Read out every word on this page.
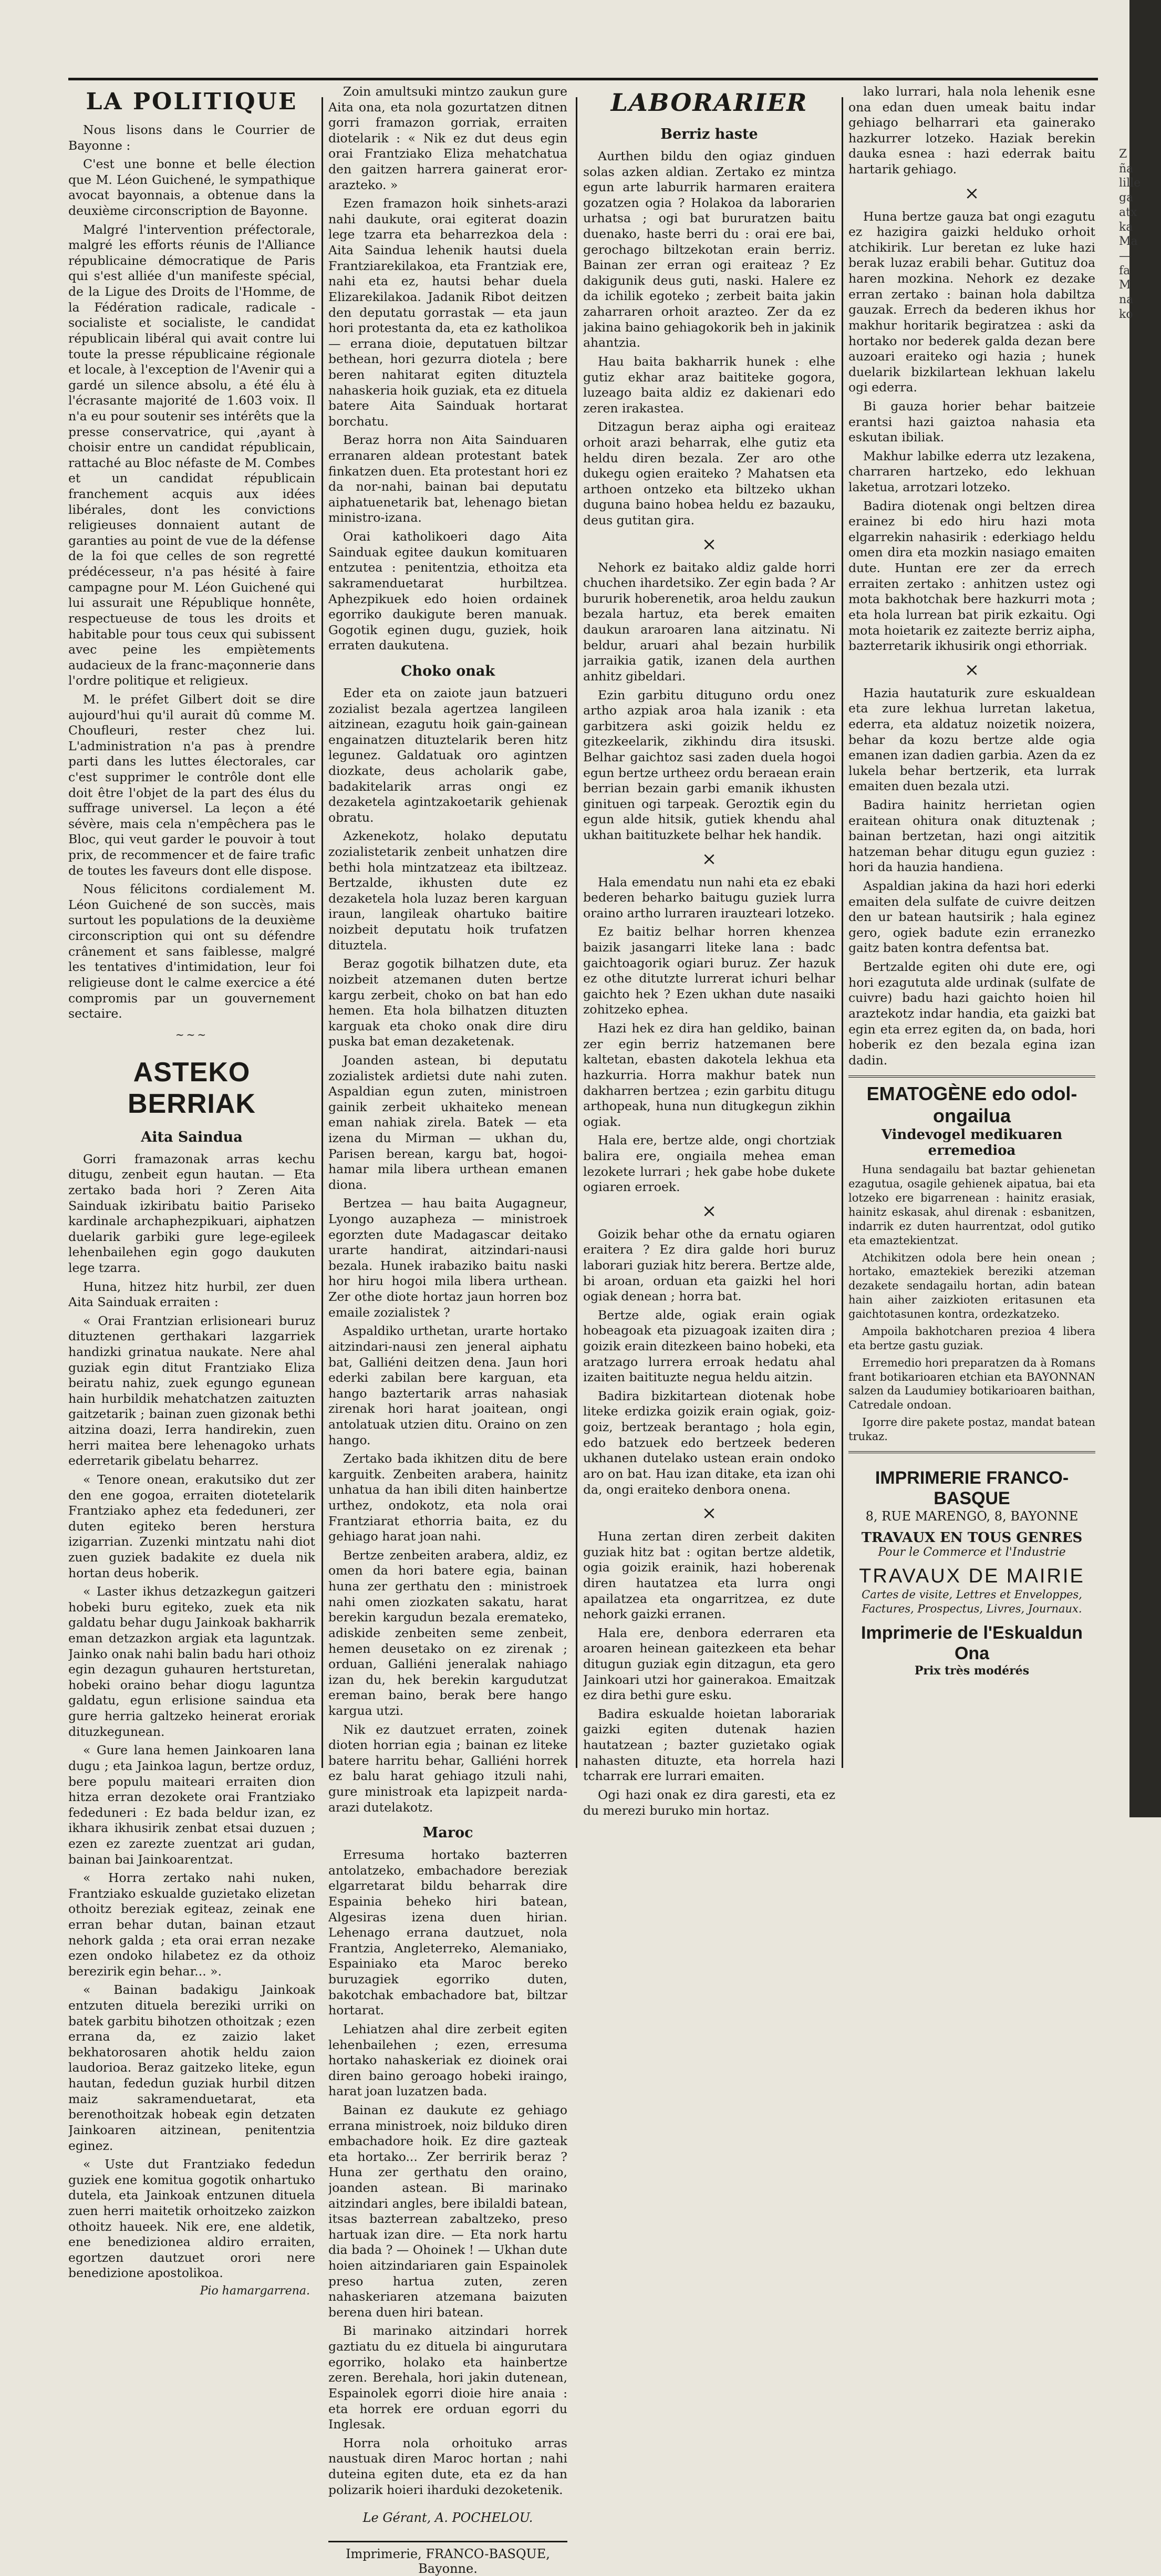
Z ña lille ga atx ka Ma — fa M na ko
LA POLITIQUE

Nous lisons dans le Courrier de Bayonne :

C'est une bonne et belle élection que M. Léon Guichené, le sympathique avocat bayonnais, a obtenue dans la deuxième circonscription de Bayonne.

Malgré l'intervention préfectorale, malgré les efforts réunis de l'Alliance républicaine démocratique de Paris qui s'est alliée d'un manifeste spécial, de la Ligue des Droits de l'Homme, de la Fédération radicale, radicale - socialiste et socialiste, le candidat républicain libéral qui avait contre lui toute la presse républicaine régionale et locale, à l'exception de l'Avenir qui a gardé un silence absolu, a été élu à l'écrasante majorité de 1.603 voix. Il n'a eu pour soutenir ses intérêts que la presse conservatrice, qui ,ayant à choisir entre un candidat républicain, rattaché au Bloc néfaste de M. Combes et un candidat républicain franchement acquis aux idées libérales, dont les convictions religieuses donnaient autant de garanties au point de vue de la défense de la foi que celles de son regretté prédécesseur, n'a pas hésité à faire campagne pour M. Léon Guichené qui lui assurait une République honnête, respectueuse de tous les droits et habitable pour tous ceux qui subissent avec peine les empiètements audacieux de la franc-maçonnerie dans l'ordre politique et religieux.

M. le préfet Gilbert doit se dire aujourd'hui qu'il aurait dû comme M. Choufleuri, rester chez lui. L'administration n'a pas à prendre parti dans les luttes électorales, car c'est supprimer le contrôle dont elle doit être l'objet de la part des élus du suffrage universel. La leçon a été sévère, mais cela n'empêchera pas le Bloc, qui veut garder le pouvoir à tout prix, de recommencer et de faire trafic de toutes les faveurs dont elle dispose.

Nous félicitons cordialement M. Léon Guichené de son succès, mais surtout les populations de la deuxième circonscription qui ont su défendre crânement et sans faiblesse, malgré les tentatives d'intimidation, leur foi religieuse dont le calme exercice a été compromis par un gouvernement sectaire.

~~~
ASTEKO BERRIAK
Aita Saindua

Gorri framazonak arras kechu ditugu, zenbeit egun hautan. — Eta zertako bada hori ? Zeren Aita Sainduak izkiribatu baitio Pariseko kardinale archaphezpikuari, aiphatzen duelarik garbiki gure lege-egileek lehenbailehen egin gogo daukuten lege tzarra.

Huna, hitzez hitz hurbil, zer duen Aita Sainduak erraiten :

« Orai Frantzian erlisioneari buruz dituztenen gerthakari lazgarriek handizki grinatua naukate. Nere ahal guziak egin ditut Frantziako Eliza beiratu nahiz, zuek egungo egunean hain hurbildik mehatchatzen zaituzten gaitzetarik ; bainan zuen gizonak bethi aitzina doazi, Ierra handirekin, zuen herri maitea bere lehenagoko urhats ederretarik gibelatu beharrez.

« Tenore onean, erakutsiko dut zer den ene gogoa, erraiten diotetelarik Frantziako aphez eta fededuneri, zer duten egiteko beren herstura izigarrian. Zuzenki mintzatu nahi diot zuen guziek badakite ez duela nik hortan deus hoberik.

« Laster ikhus detzazkegun gaitzeri hobeki buru egiteko, zuek eta nik galdatu behar dugu Jainkoak bakharrik eman detzazkon argiak eta laguntzak. Jainko onak nahi balin badu hari othoiz egin dezagun guhauren hertsturetan, hobeki oraino behar diogu laguntza galdatu, egun erlisione saindua eta gure herria galtzeko heinerat eroriak dituzkegunean.

« Gure lana hemen Jainkoaren lana dugu ; eta Jainkoa lagun, bertze orduz, bere populu maiteari erraiten dion hitza erran dezokete orai Frantziako fededuneri : Ez bada beldur izan, ez ikhara ikhusirik zenbat etsai duzuen ; ezen ez zarezte zuentzat ari gudan, bainan bai Jainkoarentzat.

« Horra zertako nahi nuken, Frantziako eskualde guzietako elizetan othoitz bereziak egiteaz, zeinak ene erran behar dutan, bainan etzaut nehork galda ; eta orai erran nezake ezen ondoko hilabetez ez da othoiz berezirik egin behar... ».

« Bainan badakigu Jainkoak entzuten dituela bereziki urriki on batek garbitu bihotzen othoitzak ; ezen errana da, ez zaizio laket bekhatorosaren ahotik heldu zaion laudorioa. Beraz gaitzeko liteke, egun hautan, fededun guziak hurbil ditzen maiz sakramenduetarat, eta berenothoitzak hobeak egin detzaten Jainkoaren aitzinean, penitentzia eginez.

« Uste dut Frantziako fededun guziek ene komitua gogotik onhartuko dutela, eta Jainkoak entzunen dituela zuen herri maitetik orhoitzeko zaizkon othoitz haueek. Nik ere, ene aldetik, ene benedizionea aldiro erraiten, egortzen dautzuet orori nere benedizione apostolikoa.

Pio hamargarrena.

Zoin amultsuki mintzo zaukun gure Aita ona, eta nola gozurtatzen ditnen gorri framazon gorriak, erraiten diotelarik : « Nik ez dut deus egin orai Frantziako Eliza mehatchatua den gaitzen harrera gainerat eror-arazteko. »

Ezen framazon hoik sinhets-arazi nahi daukute, orai egiterat doazin lege tzarra eta beharrezkoa dela : Aita Saindua lehenik hautsi duela Frantziarekilakoa, eta Frantziak ere, nahi eta ez, hautsi behar duela Elizarekilakoa. Jadanik Ribot deitzen den deputatu gorrastak — eta jaun hori protestanta da, eta ez katholikoa — errana dioie, deputatuen biltzar bethean, hori gezurra diotela ; bere beren nahitarat egiten dituztela nahaskeria hoik guziak, eta ez dituela batere Aita Sainduak hortarat borchatu.

Beraz horra non Aita Sainduaren erranaren aldean protestant batek finkatzen duen. Eta protestant hori ez da nor-nahi, bainan bai deputatu aiphatuenetarik bat, lehenago bietan ministro-izana.

Orai katholikoeri dago Aita Sainduak egitee daukun komituaren entzutea : penitentzia, ethoitza eta sakramenduetarat hurbiltzea. Aphezpikuek edo hoien ordainek egorriko daukigute beren manuak. Gogotik eginen dugu, guziek, hoik erraten daukutena.

Choko onak

Eder eta on zaiote jaun batzueri zozialist bezala agertzea langileen aitzinean, ezagutu hoik gain-gainean engainatzen dituztelarik beren hitz legunez. Galdatuak oro agintzen diozkate, deus acholarik gabe, badakitelarik arras ongi ez dezaketela agintzakoetarik gehienak obratu.

Azkenekotz, holako deputatu zozialistetarik zenbeit unhatzen dire bethi hola mintzatzeaz eta ibiltzeaz. Bertzalde, ikhusten dute ez dezaketela hola luzaz beren karguan iraun, langileak ohartuko baitire noizbeit deputatu hoik trufatzen dituztela.

Beraz gogotik bilhatzen dute, eta noizbeit atzemanen duten bertze kargu zerbeit, choko on bat han edo hemen. Eta hola bilhatzen dituzten karguak eta choko onak dire diru puska bat eman dezaketenak.

Joanden astean, bi deputatu zozialistek ardietsi dute nahi zuten. Aspaldian egun zuten, ministroen gainik zerbeit ukhaiteko menean eman nahiak zirela. Batek — eta izena du Mirman — ukhan du, Parisen berean, kargu bat, hogoi-hamar mila libera urthean emanen diona.

Bertzea — hau baita Augagneur, Lyongo auzapheza — ministroek egorzten dute Madagascar deitako urarte handirat, aitzindari-nausi bezala. Hunek irabaziko baitu naski hor hiru hogoi mila libera urthean. Zer othe diote hortaz jaun horren boz emaile zozialistek ?

Aspaldiko urthetan, urarte hortako aitzindari-nausi zen jeneral aiphatu bat, Galliéni deitzen dena. Jaun hori ederki zabilan bere karguan, eta hango baztertarik arras nahasiak zirenak hori harat joaitean, ongi antolatuak utzien ditu. Oraino on zen hango.

Zertako bada ikhitzen ditu de bere karguitk. Zenbeiten arabera, hainitz unhatua da han ibili diten hainbertze urthez, ondokotz, eta nola orai Frantziarat ethorria baita, ez du gehiago harat joan nahi.

Bertze zenbeiten arabera, aldiz, ez omen da hori batere egia, bainan huna zer gerthatu den : ministroek nahi omen ziozkaten sakatu, harat berekin kargudun bezala eremateko, adiskide zenbeiten seme zenbeit, hemen deusetako on ez zirenak ; orduan, Galliéni jeneralak nahiago izan du, hek berekin kargudutzat ereman baino, berak bere hango kargua utzi.

Nik ez dautzuet erraten, zoinek dioten horrian egia ; bainan ez liteke batere harritu behar, Galliéni horrek ez balu harat gehiago itzuli nahi, gure ministroak eta lapizpeit narda-arazi dutelakotz.

Maroc

Erresuma hortako bazterren antolatzeko, embachadore bereziak elgarretarat bildu beharrak dire Espainia beheko hiri batean, Algesiras izena duen hirian. Lehenago errana dautzuet, nola Frantzia, Angleterreko, Alemaniako, Espainiako eta Maroc bereko buruzagiek egorriko duten, bakotchak embachadore bat, biltzar hortarat.

Lehiatzen ahal dire zerbeit egiten lehenbailehen ; ezen, erresuma hortako nahaskeriak ez dioinek orai diren baino geroago hobeki iraingo, harat joan luzatzen bada.

Bainan ez daukute ez gehiago errana ministroek, noiz bilduko diren embachadore hoik. Ez dire gazteak eta hortako... Zer berririk beraz ? Huna zer gerthatu den oraino, joanden astean. Bi marinako aitzindari angles, bere ibilaldi batean, itsas bazterrean zabaltzeko, preso hartuak izan dire. — Eta nork hartu dia bada ? — Ohoinek ! — Ukhan dute hoien aitzindariaren gain Espainolek preso hartua zuten, zeren nahaskeriaren atzemana baizuten berena duen hiri batean.

Bi marinako aitzindari horrek gaztiatu du ez dituela bi aingurutara egorriko, holako eta hainbertze zeren. Berehala, hori jakin dutenean, Espainolek egorri dioie hire anaia : eta horrek ere orduan egorri du Inglesak.

Horra nola orhoituko arras naustuak diren Maroc hortan ; nahi duteina egiten dute, eta ez da han polizarik hoieri iharduki dezoketenik.

Le Gérant, A. POCHELOU.
Imprimerie, FRANCO-BASQUE, Bayonne.
LABORARIER
Berriz haste

Aurthen bildu den ogiaz ginduen solas azken aldian. Zertako ez mintza egun arte laburrik harmaren eraitera gozatzen ogia ? Holakoa da laborarien urhatsa ; ogi bat bururatzen baitu duenako, haste berri du : orai ere bai, gerochago biltzekotan erain berriz. Bainan zer erran ogi eraiteaz ? Ez dakigunik deus guti, naski. Halere ez da ichilik egoteko ; zerbeit baita jakin zaharraren orhoit arazteo. Zer da ez jakina baino gehiagokorik beh in jakinik ahantzia.

Hau baita bakharrik hunek : elhe gutiz ekhar araz baititeke gogora, luzeago baita aldiz ez dakienari edo zeren irakastea.

Ditzagun beraz aipha ogi eraiteaz orhoit arazi beharrak, elhe gutiz eta heldu diren bezala. Zer aro othe dukegu ogien eraiteko ? Mahatsen eta arthoen ontzeko eta biltzeko ukhan duguna baino hobea heldu ez bazauku, deus gutitan gira.

×

Nehork ez baitako aldiz galde horri chuchen ihardetsiko. Zer egin bada ? Ar bururik hoberenetik, aroa heldu zaukun bezala hartuz, eta berek emaiten daukun araroaren lana aitzinatu. Ni beldur, aruari ahal bezain hurbilik jarraikia gatik, izanen dela aurthen anhitz gibeldari.

Ezin garbitu dituguno ordu onez artho azpiak aroa hala izanik : eta garbitzera aski goizik heldu ez gitezkeelarik, zikhindu dira itsuski. Belhar gaichtoz sasi zaden duela hogoi egun bertze urtheez ordu beraean erain berrian bezain garbi emanik ikhusten ginituen ogi tarpeak. Geroztik egin du egun alde hitsik, gutiek khendu ahal ukhan baitituzkete belhar hek handik.

×

Hala emendatu nun nahi eta ez ebaki bederen beharko baitugu guziek lurra oraino artho lurraren irauzteari lotzeko.

Ez baitiz belhar horren khenzea baizik jasangarri liteke lana : badc gaichtoagorik ogiari buruz. Zer hazuk ez othe ditutzte lurrerat ichuri belhar gaichto hek ? Ezen ukhan dute nasaiki zohitzeko ephea.

Hazi hek ez dira han geldiko, bainan zer egin berriz hatzemanen bere kaltetan, ebasten dakotela lekhua eta hazkurria. Horra makhur batek nun dakharren bertzea ; ezin garbitu ditugu arthopeak, huna nun ditugkegun zikhin ogiak.

Hala ere, bertze alde, ongi chortziak balira ere, ongiaila mehea eman lezokete lurrari ; hek gabe hobe dukete ogiaren erroek.

×

Goizik behar othe da ernatu ogiaren eraitera ? Ez dira galde hori buruz laborari guziak hitz berera. Bertze alde, bi aroan, orduan eta gaizki hel hori ogiak denean ; horra bat.

Bertze alde, ogiak erain ogiak hobeagoak eta pizuagoak izaiten dira ; goizik erain ditezkeen baino hobeki, eta aratzago lurrera erroak hedatu ahal izaiten baitituzte negua heldu aitzin.

Badira bizkitartean diotenak hobe liteke erdizka goizik erain ogiak, goiz-goiz, bertzeak berantago ; hola egin, edo batzuek edo bertzeek bederen ukhanen dutelako ustean erain ondoko aro on bat. Hau izan ditake, eta izan ohi da, ongi eraiteko denbora onena.

×

Huna zertan diren zerbeit dakiten guziak hitz bat : ogitan bertze aldetik, ogia goizik erainik, hazi hoberenak diren hautatzea eta lurra ongi apailatzea eta ongarritzea, ez dute nehork gaizki erranen.

Hala ere, denbora ederraren eta aroaren heinean gaitezkeen eta behar ditugun guziak egin ditzagun, eta gero Jainkoari utzi hor gainerakoa. Emaitzak ez dira bethi gure esku.

Badira eskualde hoietan laborariak gaizki egiten dutenak hazien hautatzean ; bazter guzietako ogiak nahasten dituzte, eta horrela hazi tcharrak ere lurrari emaiten.

Ogi hazi onak ez dira garesti, eta ez du merezi buruko min hortaz.

lako lurrari, hala nola lehenik esne ona edan duen umeak baitu indar gehiago belharrari eta gainerako hazkurrer lotzeko. Haziak berekin dauka esnea : hazi ederrak baitu hartarik gehiago.

×

Huna bertze gauza bat ongi ezagutu ez hazigira gaizki helduko orhoit atchikirik. Lur beretan ez luke hazi berak luzaz erabili behar. Gutituz doa haren mozkina. Nehork ez dezake erran zertako : bainan hola dabiltza gauzak. Errech da bederen ikhus hor makhur horitarik begiratzea : aski da hortako nor bederek galda dezan bere auzoari eraiteko ogi hazia ; hunek duelarik bizkilartean lekhuan lakelu ogi ederra.

Bi gauza horier behar baitzeie erantsi hazi gaiztoa nahasia eta eskutan ibiliak.

Makhur labilke ederra utz lezakena, charraren hartzeko, edo lekhuan laketua, arrotzari lotzeko.

Badira diotenak ongi beltzen direa erainez bi edo hiru hazi mota elgarrekin nahasirik : ederkiago heldu omen dira eta mozkin nasiago emaiten dute. Huntan ere zer da errech erraiten zertako : anhitzen ustez ogi mota bakhotchak bere hazkurri mota ; eta hola lurrean bat pirik ezkaitu. Ogi mota hoietarik ez zaitezte berriz aipha, bazterretarik ikhusirik ongi ethorriak.

×

Hazia hautaturik zure eskualdean eta zure lekhua lurretan laketua, ederra, eta aldatuz noizetik noizera, behar da kozu bertze alde ogia emanen izan dadien garbia. Azen da ez lukela behar bertzerik, eta lurrak emaiten duen bezala utzi.

Badira hainitz herrietan ogien eraitean ohitura onak dituztenak ; bainan bertzetan, hazi ongi aitzitik hatzeman behar ditugu egun guziez : hori da hauzia handiena.

Aspaldian jakina da hazi hori ederki emaiten dela sulfate de cuivre deitzen den ur batean hautsirik ; hala eginez gero, ogiek badute ezin erranezko gaitz baten kontra defentsa bat.

Bertzalde egiten ohi dute ere, ogi hori ezagututa alde urdinak (sulfate de cuivre) badu hazi gaichto hoien hil araztekotz indar handia, eta gaizki bat egin eta errez egiten da, on bada, hori hoberik ez den bezala egina izan dadin.

EMATOGÈNE edo odol-ongailua
Vindevogel medikuaren erremedioa

Huna sendagailu bat baztar gehienetan ezagutua, osagile gehienek aipatua, bai eta lotzeko ere bigarrenean : hainitz erasiak, hainitz eskasak, ahul direnak : esbanitzen, indarrik ez duten haurrentzat, odol gutiko eta emaztekientzat.

Atchikitzen odola bere hein onean ; hortako, emaztekiek bereziki atzeman dezakete sendagailu hortan, adin batean hain aiher zaizkioten eritasunen eta gaichtotasunen kontra, ordezkatzeko.

Ampoila bakhotcharen prezioa 4 libera eta bertze gastu guziak.

Erremedio hori preparatzen da à Romans frant botikarioaren etchian eta BAYONNAN salzen da Laudumiey botikarioaren baithan, Catredale ondoan.

Igorre dire pakete postaz, mandat batean trukaz.

IMPRIMERIE FRANCO-BASQUE
8, RUE MARENGO, 8, BAYONNE
TRAVAUX EN TOUS GENRES
Pour le Commerce et l'Industrie
TRAVAUX DE MAIRIE
Cartes de visite, Lettres et Enveloppes, Factures, Prospectus, Livres, Journaux.
Imprimerie de l'Eskualdun Ona
Prix très modérés
